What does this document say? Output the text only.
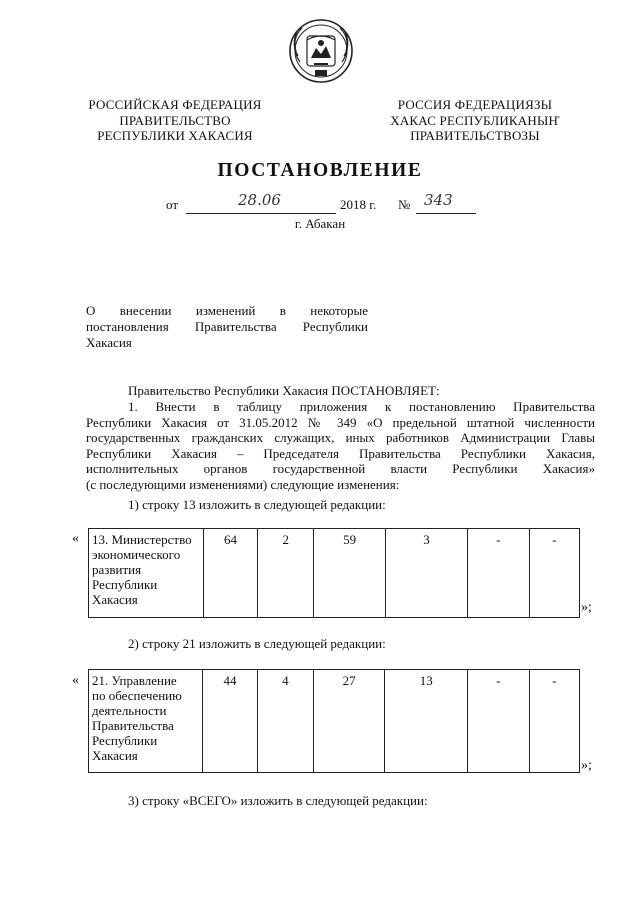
РОССИЙСКАЯ ФЕДЕРАЦИЯ
ПРАВИТЕЛЬСТВО
РЕСПУБЛИКИ ХАКАСИЯ
РОССИЯ ФЕДЕРАЦИЯЗЫ
ХАКАС РЕСПУБЛИКАНЫҤ
ПРАВИТЕЛЬСТВОЗЫ
ПОСТАНОВЛЕНИЕ
от	28.06	2018 г. № 343
г. Абакан
О внесении изменений в некоторые
постановления Правительства Республики
Хакасия
Правительство Республики Хакасия ПОСТАНОВЛЯЕТ:
1. Внести в таблицу приложения к постановлению Правительства
Республики Хакасия от 31.05.2012 № 349 «О предельной штатной численности
государственных гражданских служащих, иных работников Администрации Главы
Республики Хакасия – Председателя Правительства Республики Хакасия,
исполнительных органов государственной власти Республики Хакасия»
(с последующими изменениями) следующие изменения:
1) строку 13 изложить в следующей редакции:
« 13. Министерство
экономического
развития
Республики
Хакасия
	64	2	59	3	-	-
»;
2) строку 21 изложить в следующей редакции:
« 21. Управление
по обеспечению
деятельности
Правительства
Республики
Хакасия
	44	4	27	13	-	-
»;
3) строку «ВСЕГО» изложить в следующей редакции:
